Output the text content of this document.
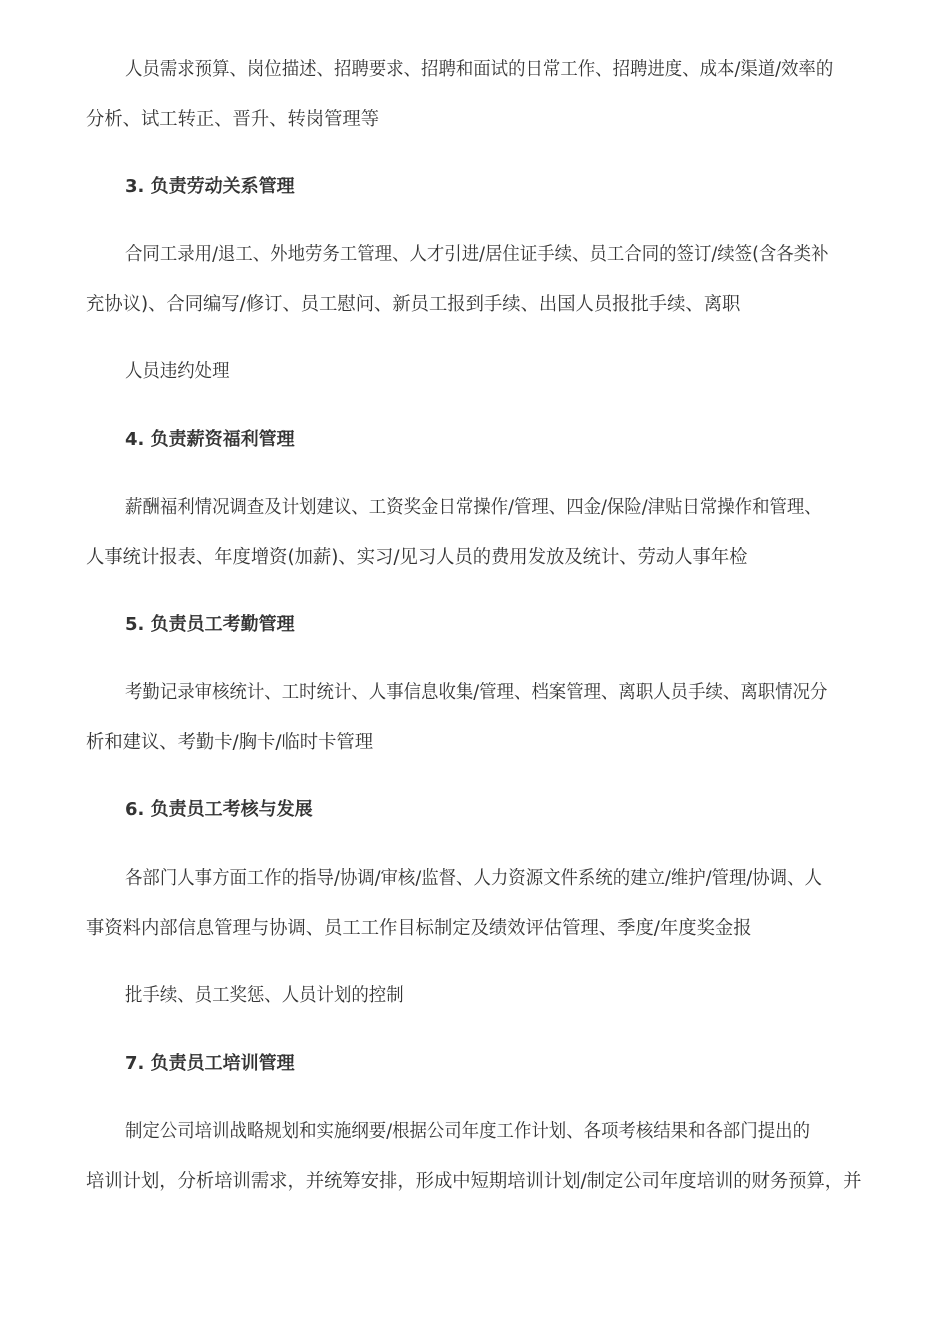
人员需求预算、岗位描述、招聘要求、招聘和面试的日常工作、招聘进度、成本/渠道/效率的
分析、试工转正、晋升、转岗管理等
3. 负责劳动关系管理
合同工录用/退工、外地劳务工管理、人才引进/居住证手续、员工合同的签订/续签(含各类补
充协议)、合同编写/修订、员工慰问、新员工报到手续、出国人员报批手续、离职
人员违约处理
4. 负责薪资福利管理
薪酬福利情况调查及计划建议、工资奖金日常操作/管理、四金/保险/津贴日常操作和管理、
人事统计报表、年度增资(加薪)、实习/见习人员的费用发放及统计、劳动人事年检
5. 负责员工考勤管理
考勤记录审核统计、工时统计、人事信息收集/管理、档案管理、离职人员手续、离职情况分
析和建议、考勤卡/胸卡/临时卡管理
6. 负责员工考核与发展
各部门人事方面工作的指导/协调/审核/监督、人力资源文件系统的建立/维护/管理/协调、人
事资料内部信息管理与协调、员工工作目标制定及绩效评估管理、季度/年度奖金报
批手续、员工奖惩、人员计划的控制
7. 负责员工培训管理
制定公司培训战略规划和实施纲要/根据公司年度工作计划、各项考核结果和各部门提出的
培训计划，分析培训需求，并统筹安排，形成中短期培训计划/制定公司年度培训的财务预算，并
